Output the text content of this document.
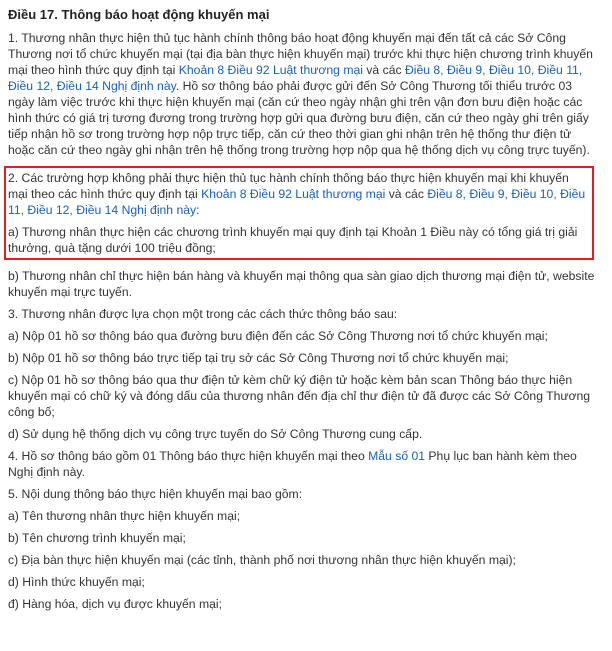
Điều 17. Thông báo hoạt động khuyến mại

1. Thương nhân thực hiện thủ tục hành chính thông báo hoạt động khuyến mại đến tất cả các Sở Công Thương nơi tổ chức khuyến mại (tại địa bàn thực hiện khuyến mại) trước khi thực hiện chương trình khuyến mại theo hình thức quy định tại Khoản 8 Điều 92 Luật thương mại và các Điều 8, Điều 9, Điều 10, Điều 11, Điều 12, Điều 14 Nghị định này. Hồ sơ thông báo phải được gửi đến Sở Công Thương tối thiểu trước 03 ngày làm việc trước khi thực hiện khuyến mại (căn cứ theo ngày nhận ghi trên vận đơn bưu điện hoặc các hình thức có giá trị tương đương trong trường hợp gửi qua đường bưu điện, căn cứ theo ngày ghi trên giấy tiếp nhận hồ sơ trong trường hợp nộp trực tiếp, căn cứ theo thời gian ghi nhận trên hệ thống thư điện tử hoặc căn cứ theo ngày ghi nhận trên hệ thống trong trường hợp nộp qua hệ thống dịch vụ công trực tuyến).

2. Các trường hợp không phải thực hiện thủ tục hành chính thông báo thực hiện khuyến mại khi khuyến mại theo các hình thức quy định tại Khoản 8 Điều 92 Luật thương mại và các Điều 8, Điều 9, Điều 10, Điều 11, Điều 12, Điều 14 Nghị định này:

a) Thương nhân thực hiện các chương trình khuyến mại quy định tại Khoản 1 Điều này có tổng giá trị giải thưởng, quà tặng dưới 100 triệu đồng;

b) Thương nhân chỉ thực hiện bán hàng và khuyến mại thông qua sàn giao dịch thương mại điện tử, website khuyến mại trực tuyến.

3. Thương nhân được lựa chọn một trong các cách thức thông báo sau:

a) Nộp 01 hồ sơ thông báo qua đường bưu điện đến các Sở Công Thương nơi tổ chức khuyến mại;

b) Nộp 01 hồ sơ thông báo trực tiếp tại trụ sở các Sở Công Thương nơi tổ chức khuyến mại;

c) Nộp 01 hồ sơ thông báo qua thư điện tử kèm chữ ký điện tử hoặc kèm bản scan Thông báo thực hiện khuyến mại có chữ ký và đóng dấu của thương nhân đến địa chỉ thư điện tử đã được các Sở Công Thương công bố;

d) Sử dụng hệ thống dịch vụ công trực tuyến do Sở Công Thương cung cấp.

4. Hồ sơ thông báo gồm 01 Thông báo thực hiện khuyến mại theo Mẫu số 01 Phụ lục ban hành kèm theo Nghị định này.

5. Nội dung thông báo thực hiện khuyến mại bao gồm:

a) Tên thương nhân thực hiện khuyến mại;

b) Tên chương trình khuyến mại;

c) Địa bàn thực hiện khuyến mại (các tỉnh, thành phố nơi thương nhân thực hiện khuyến mại);

d) Hình thức khuyến mại;

đ) Hàng hóa, dịch vụ được khuyến mại;
